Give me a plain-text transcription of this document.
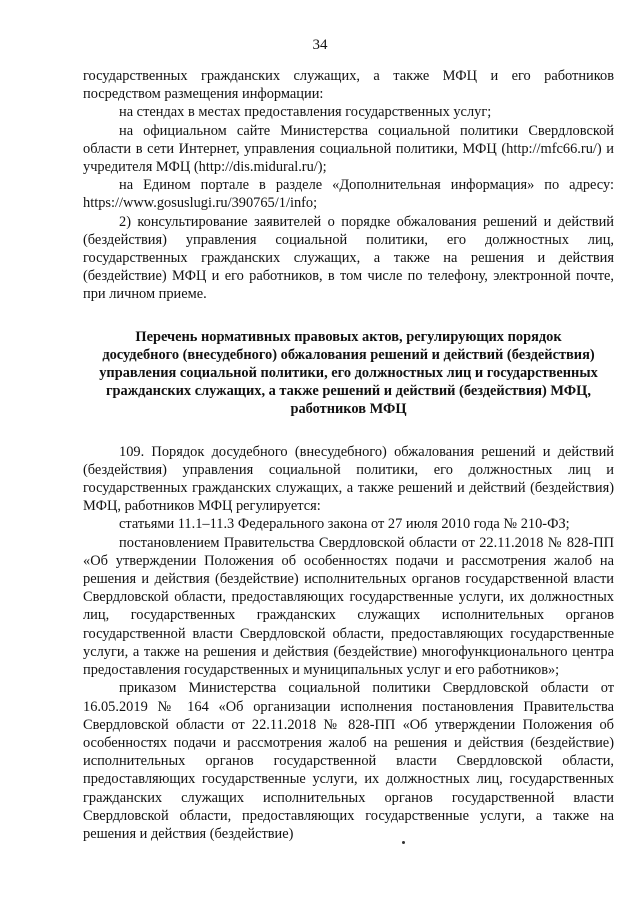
34

государственных гражданских служащих, а также МФЦ и его работников посредством размещения информации:

на стендах в местах предоставления государственных услуг;

на официальном сайте Министерства социальной политики Свердловской области в сети Интернет, управления социальной политики, МФЦ (http://mfc66.ru/) и учредителя МФЦ (http://dis.midural.ru/);

на Едином портале в разделе «Дополнительная информация» по адресу: https://www.gosuslugi.ru/390765/1/info;

2) консультирование заявителей о порядке обжалования решений и действий (бездействия) управления социальной политики, его должностных лиц, государственных гражданских служащих, а также на решения и действия (бездействие) МФЦ и его работников, в том числе по телефону, электронной почте, при личном приеме.

Перечень нормативных правовых актов, регулирующих порядок
досудебного (внесудебного) обжалования решений и действий (бездействия)
управления социальной политики, его должностных лиц и государственных
гражданских служащих, а также решений и действий (бездействия) МФЦ,
работников МФЦ

109. Порядок досудебного (внесудебного) обжалования решений и действий (бездействия) управления социальной политики, его должностных лиц и государственных гражданских служащих, а также решений и действий (бездействия) МФЦ, работников МФЦ регулируется:

статьями 11.1–11.3 Федерального закона от 27 июля 2010 года № 210-ФЗ;

постановлением Правительства Свердловской области от 22.11.2018 № 828-ПП «Об утверждении Положения об особенностях подачи и рассмотрения жалоб на решения и действия (бездействие) исполнительных органов государственной власти Свердловской области, предоставляющих государственные услуги, их должностных лиц, государственных гражданских служащих исполнительных органов государственной власти Свердловской области, предоставляющих государственные услуги, а также на решения и действия (бездействие) многофункционального центра предоставления государственных и муниципальных услуг и его работников»;

приказом Министерства социальной политики Свердловской области от 16.05.2019 № 164 «Об организации исполнения постановления Правительства Свердловской области от 22.11.2018 № 828-ПП «Об утверждении Положения об особенностях подачи и рассмотрения жалоб на решения и действия (бездействие) исполнительных органов государственной власти Свердловской области, предоставляющих государственные услуги, их должностных лиц, государственных гражданских служащих исполнительных органов государственной власти Свердловской области, предоставляющих государственные услуги, а также на решения и действия (бездействие)
